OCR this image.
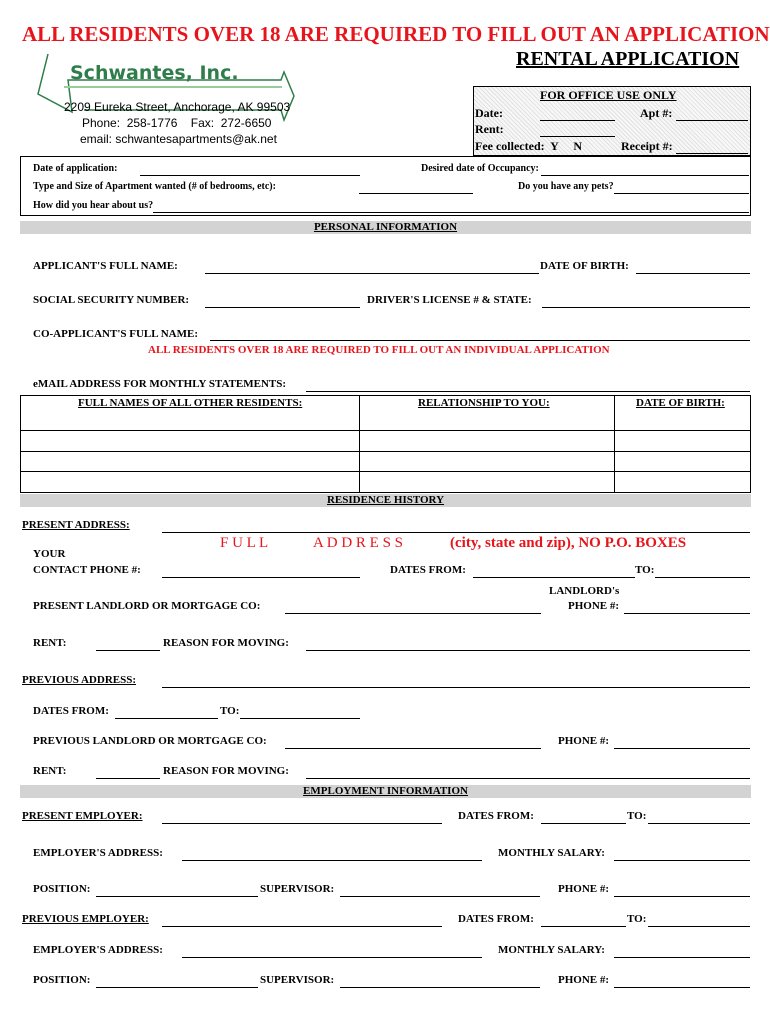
ALL RESIDENTS OVER 18 ARE REQUIRED TO FILL OUT AN APPLICATION
RENTAL APPLICATION
Schwantes, Inc.
2209 Eureka Street, Anchorage, AK 99503
Phone:  258-1776    Fax:  272-6650
email: schwantesapartments@ak.net
FOR OFFICE USE ONLY
Date:	Apt #:
Rent:
Fee collected:  Y     N	Receipt #:
Date of application:	Desired date of Occupancy:
Type and Size of Apartment wanted (# of bedrooms, etc):	Do you have any pets?
How did you hear about us?
PERSONAL INFORMATION
APPLICANT'S FULL NAME:	DATE OF BIRTH:
SOCIAL SECURITY NUMBER:	DRIVER'S LICENSE # & STATE:
CO-APPLICANT'S FULL NAME:
ALL RESIDENTS OVER 18 ARE REQUIRED TO FILL OUT AN INDIVIDUAL APPLICATION
eMAIL ADDRESS FOR MONTHLY STATEMENTS:
FULL NAMES OF ALL OTHER RESIDENTS:	RELATIONSHIP TO YOU:	DATE OF BIRTH:
RESIDENCE HISTORY
PRESENT ADDRESS:
F U L L	A D D R E S S	(city, state and zip), NO P.O. BOXES
YOUR
CONTACT PHONE #:	DATES FROM:	TO:
LANDLORD's
PHONE #:
PRESENT LANDLORD OR MORTGAGE CO:
RENT:	REASON FOR MOVING:
PREVIOUS ADDRESS:
DATES FROM:	TO:
PREVIOUS LANDLORD OR MORTGAGE CO:	PHONE #:
RENT:	REASON FOR MOVING:
EMPLOYMENT INFORMATION
PRESENT EMPLOYER:	DATES FROM:	TO:
EMPLOYER'S ADDRESS:	MONTHLY SALARY:
POSITION:	SUPERVISOR:	PHONE #:
PREVIOUS EMPLOYER:	DATES FROM:	TO:
EMPLOYER'S ADDRESS:	MONTHLY SALARY:
POSITION:	SUPERVISOR:	PHONE #:
